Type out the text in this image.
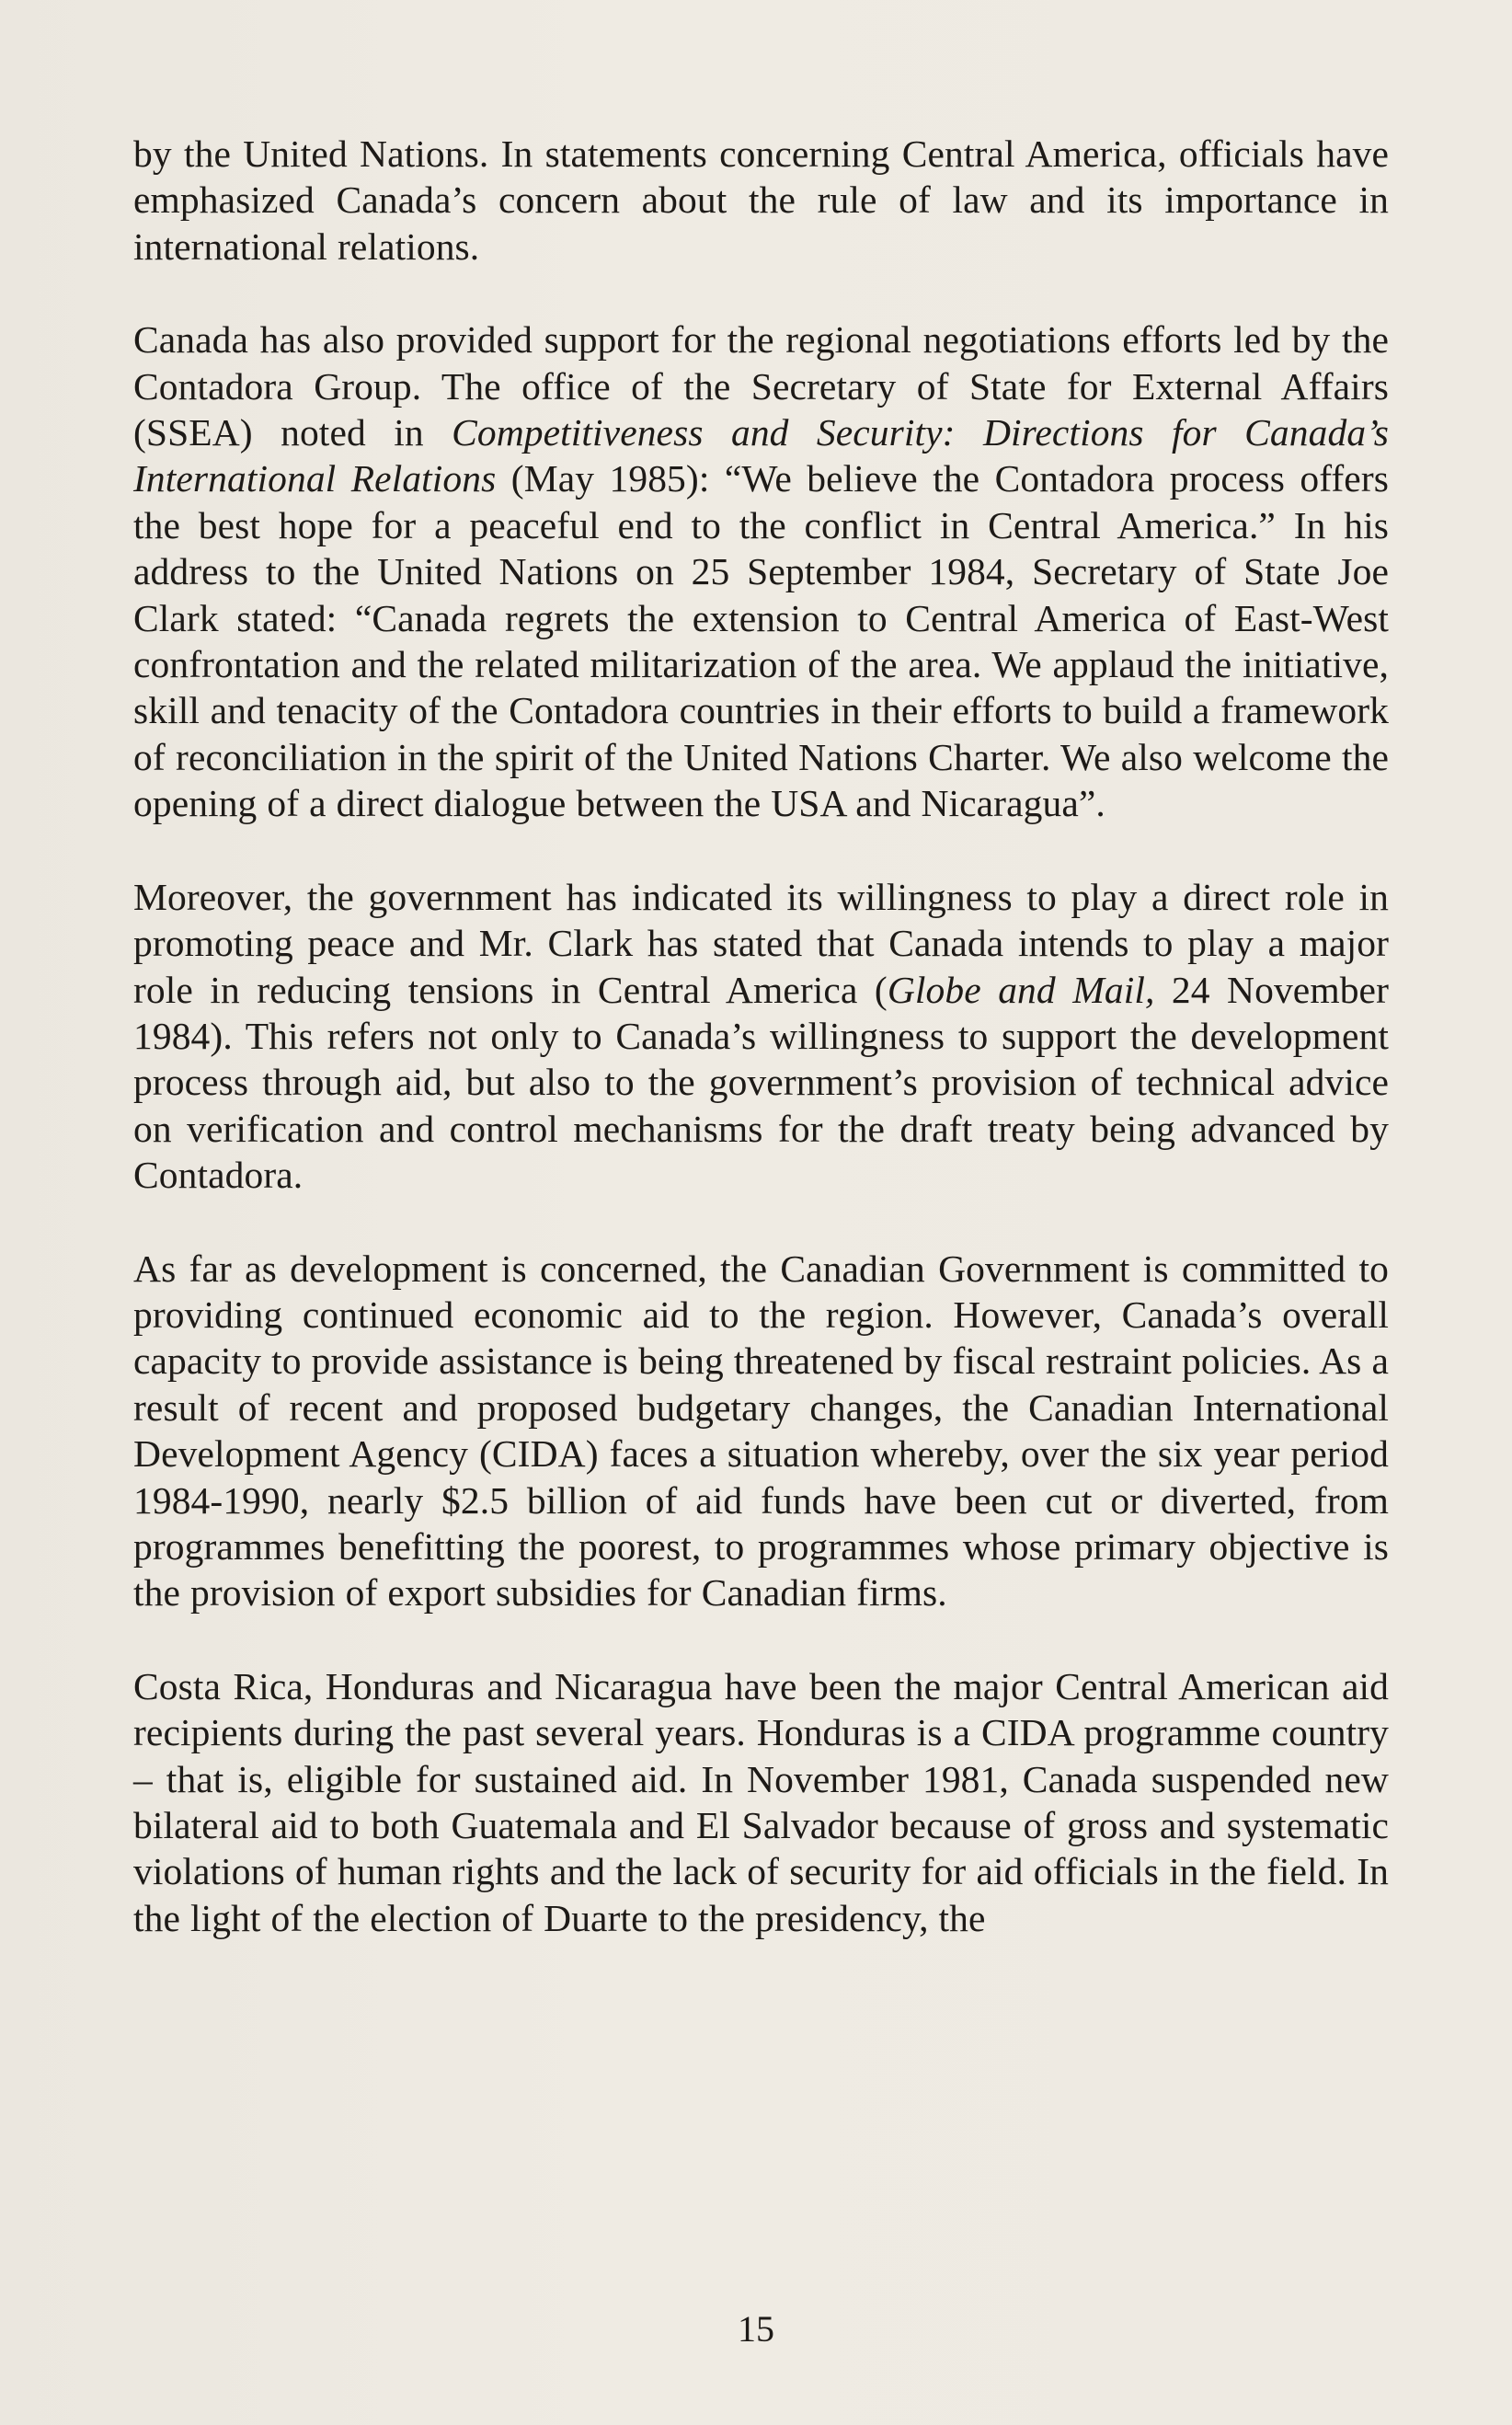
by the United Nations. In statements concerning Central America, officials have emphasized Canada’s concern about the rule of law and its importance in international relations.

Canada has also provided support for the regional negotiations efforts led by the Contadora Group. The office of the Secretary of State for External Affairs (SSEA) noted in Competitiveness and Security: Directions for Canada’s International Relations (May 1985): “We believe the Contadora process offers the best hope for a peaceful end to the conflict in Central America.” In his address to the United Nations on 25 September 1984, Secretary of State Joe Clark stated: “Canada regrets the extension to Central America of East-West confrontation and the related militarization of the area. We applaud the initiative, skill and tenacity of the Contadora countries in their efforts to build a framework of reconciliation in the spirit of the United Nations Charter. We also welcome the opening of a direct dialogue between the USA and Nicaragua”.

Moreover, the government has indicated its willingness to play a direct role in promoting peace and Mr. Clark has stated that Canada intends to play a major role in reducing tensions in Central America (Globe and Mail, 24 November 1984). This refers not only to Canada’s willingness to support the development process through aid, but also to the government’s provision of technical advice on verification and control mechanisms for the draft treaty being advanced by Contadora.

As far as development is concerned, the Canadian Government is committed to providing continued economic aid to the region. However, Canada’s overall capacity to provide assistance is being threatened by fiscal restraint policies. As a result of recent and proposed budgetary changes, the Canadian International Development Agency (CIDA) faces a situation whereby, over the six year period 1984-1990, nearly $2.5 billion of aid funds have been cut or diverted, from programmes benefitting the poorest, to programmes whose primary objective is the provision of export subsidies for Canadian firms.

Costa Rica, Honduras and Nicaragua have been the major Central American aid recipients during the past several years. Honduras is a CIDA programme country – that is, eligible for sustained aid. In November 1981, Canada suspended new bilateral aid to both Guatemala and El Salvador because of gross and systematic violations of human rights and the lack of security for aid officials in the field. In the light of the election of Duarte to the presidency, the

15
